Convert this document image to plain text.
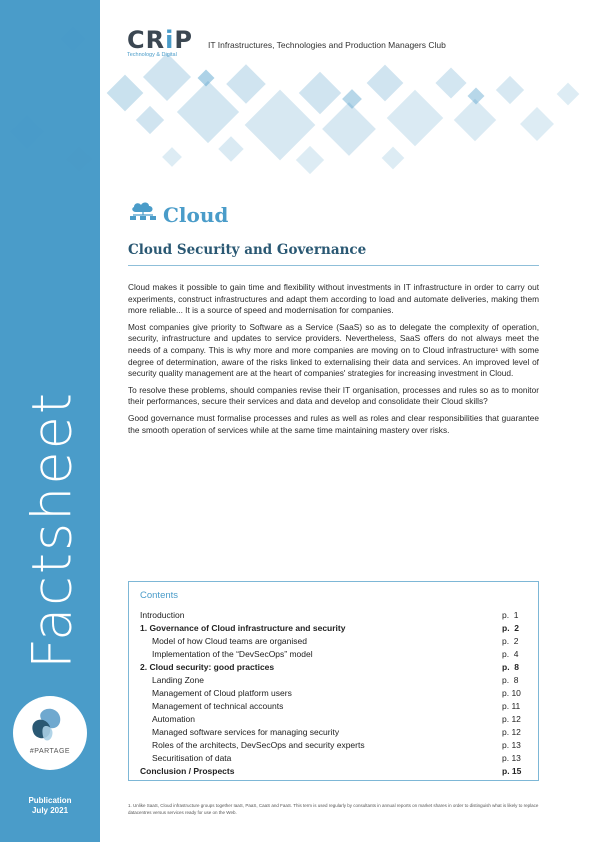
Factsheet
#PARTAGE
Publication
July 2021
CRiP
Technology & Digital
IT Infrastructures, Technologies and Production Managers Club
Cloud
Cloud Security and Governance

Cloud makes it possible to gain time and flexibility without investments in IT infrastructure in order to carry out experiments, construct infrastructures and adapt them according to load and automate deliveries, making them more reliable... It is a source of speed and modernisation for companies.

Most companies give priority to Software as a Service (SaaS) so as to delegate the complexity of operation, security, infrastructure and updates to service providers. Nevertheless, SaaS offers do not always meet the needs of a company. This is why more and more companies are moving on to Cloud infrastructure¹ with some degree of determination, aware of the risks linked to externalising their data and services. An improved level of security quality management are at the heart of companies' strategies for increasing investment in Cloud.

To resolve these problems, should companies revise their IT organisation, processes and rules so as to monitor their performances, secure their services and data and develop and consolidate their Cloud skills?

Good governance must formalise processes and rules as well as roles and clear responsibilities that guarantee the smooth operation of services while at the same time maintaining mastery over risks.

Contents
Introduction	p.  1
1. Governance of Cloud infrastructure and security	p.  2
Model of how Cloud teams are organised	p.  2
Implementation of the “DevSecOps” model	p.  4
2. Cloud security: good practices	p.  8
Landing Zone	p.  8
Management of Cloud platform users	p. 10
Management of technical accounts	p. 11
Automation	p. 12
Managed software services for managing security	p. 12
Roles of the architects, DevSecOps and security experts	p. 13
Securitisation of data	p. 13
Conclusion / Prospects	p. 15
1. Unlike SaaS, Cloud infrastructure groups together IaaS, PaaS, CaaS and FaaS. This term is used regularly by consultants in annual reports on market shares in order to distinguish what is likely to replace datacentres versus services ready for use on the Web.
